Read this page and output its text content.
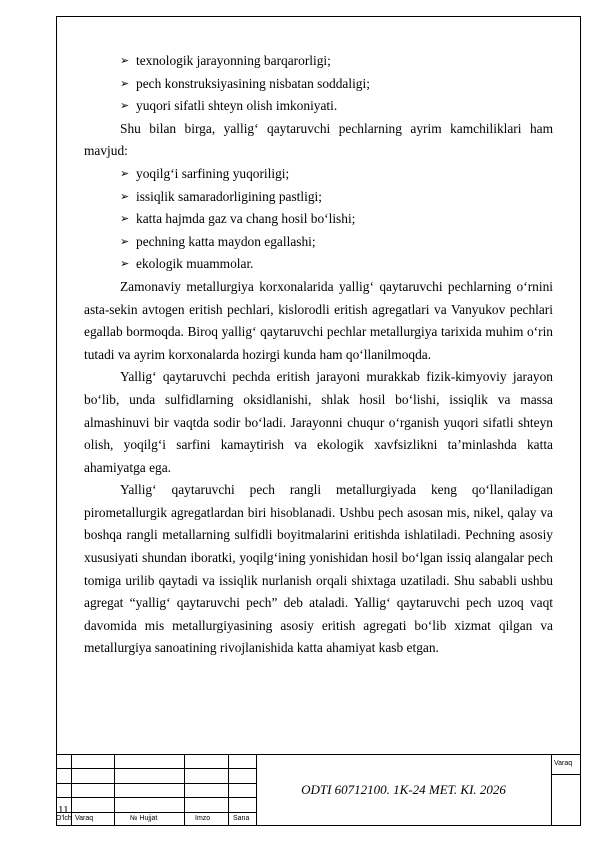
➢ texnologik jarayonning barqarorligi;
➢ pech konstruksiyasining nisbatan soddaligi;
➢ yuqori sifatli shteyn olish imkoniyati.

Shu bilan birga, yallig‘ qaytaruvchi pechlarning ayrim kamchiliklari ham mavjud:

➢ yoqilg‘i sarfining yuqoriligi;
➢ issiqlik samaradorligining pastligi;
➢ katta hajmda gaz va chang hosil bo‘lishi;
➢ pechning katta maydon egallashi;
➢ ekologik muammolar.

Zamonaviy metallurgiya korxonalarida yallig‘ qaytaruvchi pechlarning o‘rnini asta-sekin avtogen eritish pechlari, kislorodli eritish agregatlari va Vanyukov pechlari egallab bormoqda. Biroq yallig‘ qaytaruvchi pechlar metallurgiya tarixida muhim o‘rin tutadi va ayrim korxonalarda hozirgi kunda ham qo‘llanilmoqda.

Yallig‘ qaytaruvchi pechda eritish jarayoni murakkab fizik-kimyoviy jarayon bo‘lib, unda sulfidlarning oksidlanishi, shlak hosil bo‘lishi, issiqlik va massa almashinuvi bir vaqtda sodir bo‘ladi. Jarayonni chuqur o‘rganish yuqori sifatli shteyn olish, yoqilg‘i sarfini kamaytirish va ekologik xavfsizlikni ta’minlashda katta ahamiyatga ega.

Yallig‘ qaytaruvchi pech rangli metallurgiyada keng qo‘llaniladigan pirometallurgik agregatlardan biri hisoblanadi. Ushbu pech asosan mis, nikel, qalay va boshqa rangli metallarning sulfidli boyitmalarini eritishda ishlatiladi. Pechning asosiy xususiyati shundan iboratki, yoqilg‘ining yonishidan hosil bo‘lgan issiq alangalar pech tomiga urilib qaytadi va issiqlik nurlanish orqali shixtaga uzatiladi. Shu sababli ushbu agregat “yallig‘ qaytaruvchi pech” deb ataladi. Yallig‘ qaytaruvchi pech uzoq vaqt davomida mis metallurgiyasining asosiy eritish agregati bo‘lib xizmat qilgan va metallurgiya sanoatining rivojlanishida katta ahamiyat kasb etgan.

O'lch Varaq	№ Hujjat	Imzo	Sana
11
ODTI 60712100. 1K-24 MET. KI. 2026
Varaq
